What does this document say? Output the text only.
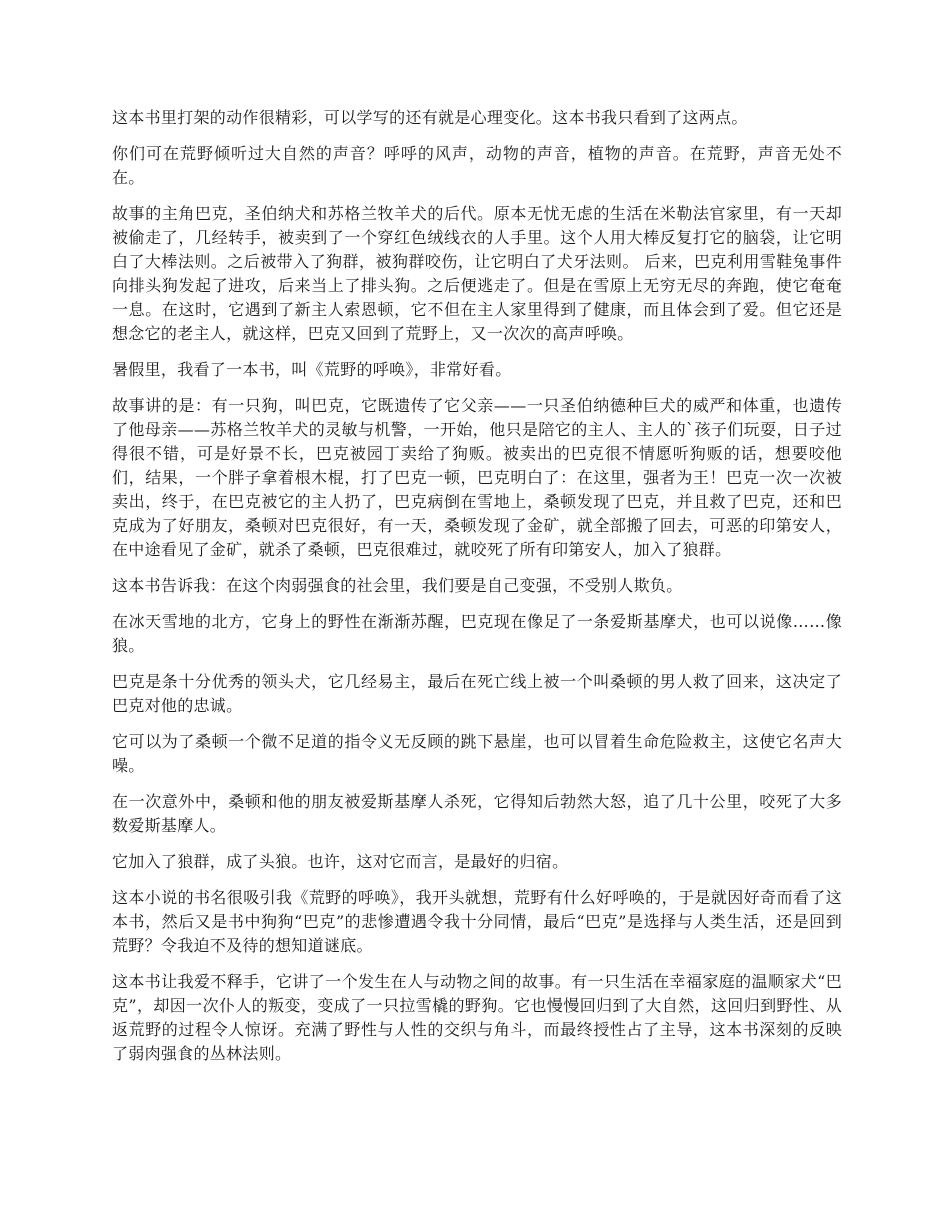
这本书里打架的动作很精彩，可以学写的还有就是心理变化。这本书我只看到了这两点。

你们可在荒野倾听过大自然的声音？呼呼的风声，动物的声音，植物的声音。在荒野，声音无处不在。

故事的主角巴克，圣伯纳犬和苏格兰牧羊犬的后代。原本无忧无虑的生活在米勒法官家里，有一天却被偷走了，几经转手，被卖到了一个穿红色绒线衣的人手里。这个人用大棒反复打它的脑袋，让它明白了大棒法则。之后被带入了狗群，被狗群咬伤，让它明白了犬牙法则。 后来，巴克利用雪鞋兔事件向排头狗发起了进攻，后来当上了排头狗。之后便逃走了。但是在雪原上无穷无尽的奔跑，使它奄奄一息。在这时，它遇到了新主人索恩顿，它不但在主人家里得到了健康，而且体会到了爱。但它还是想念它的老主人，就这样，巴克又回到了荒野上，又一次次的高声呼唤。

暑假里，我看了一本书，叫《荒野的呼唤》，非常好看。

故事讲的是：有一只狗，叫巴克，它既遗传了它父亲——一只圣伯纳德种巨犬的威严和体重，也遗传了他母亲——苏格兰牧羊犬的灵敏与机警，一开始，他只是陪它的主人、主人的`孩子们玩耍，日子过得很不错，可是好景不长，巴克被园丁卖给了狗贩。被卖出的巴克很不情愿听狗贩的话，想要咬他们，结果，一个胖子拿着根木棍，打了巴克一顿，巴克明白了：在这里，强者为王！巴克一次一次被卖出，终于，在巴克被它的主人扔了，巴克病倒在雪地上，桑顿发现了巴克，并且救了巴克，还和巴克成为了好朋友，桑顿对巴克很好，有一天，桑顿发现了金矿，就全部搬了回去，可恶的印第安人，在中途看见了金矿，就杀了桑顿，巴克很难过，就咬死了所有印第安人，加入了狼群。

这本书告诉我：在这个肉弱强食的社会里，我们要是自己变强，不受别人欺负。

在冰天雪地的北方，它身上的野性在渐渐苏醒，巴克现在像足了一条爱斯基摩犬，也可以说像……像狼。

巴克是条十分优秀的领头犬，它几经易主，最后在死亡线上被一个叫桑顿的男人救了回来，这决定了巴克对他的忠诚。

它可以为了桑顿一个微不足道的指令义无反顾的跳下悬崖，也可以冒着生命危险救主，这使它名声大噪。

在一次意外中，桑顿和他的朋友被爱斯基摩人杀死，它得知后勃然大怒，追了几十公里，咬死了大多数爱斯基摩人。

它加入了狼群，成了头狼。也许，这对它而言，是最好的归宿。

这本小说的书名很吸引我《荒野的呼唤》，我开头就想，荒野有什么好呼唤的，于是就因好奇而看了这本书，然后又是书中狗狗“巴克”的悲惨遭遇令我十分同情，最后“巴克”是选择与人类生活，还是回到荒野？令我迫不及待的想知道谜底。

这本书让我爱不释手，它讲了一个发生在人与动物之间的故事。有一只生活在幸福家庭的温顺家犬“巴克”，却因一次仆人的叛变，变成了一只拉雪橇的野狗。它也慢慢回归到了大自然，这回归到野性、从返荒野的过程令人惊讶。充满了野性与人性的交织与角斗，而最终授性占了主导，这本书深刻的反映了弱肉强食的丛林法则。
